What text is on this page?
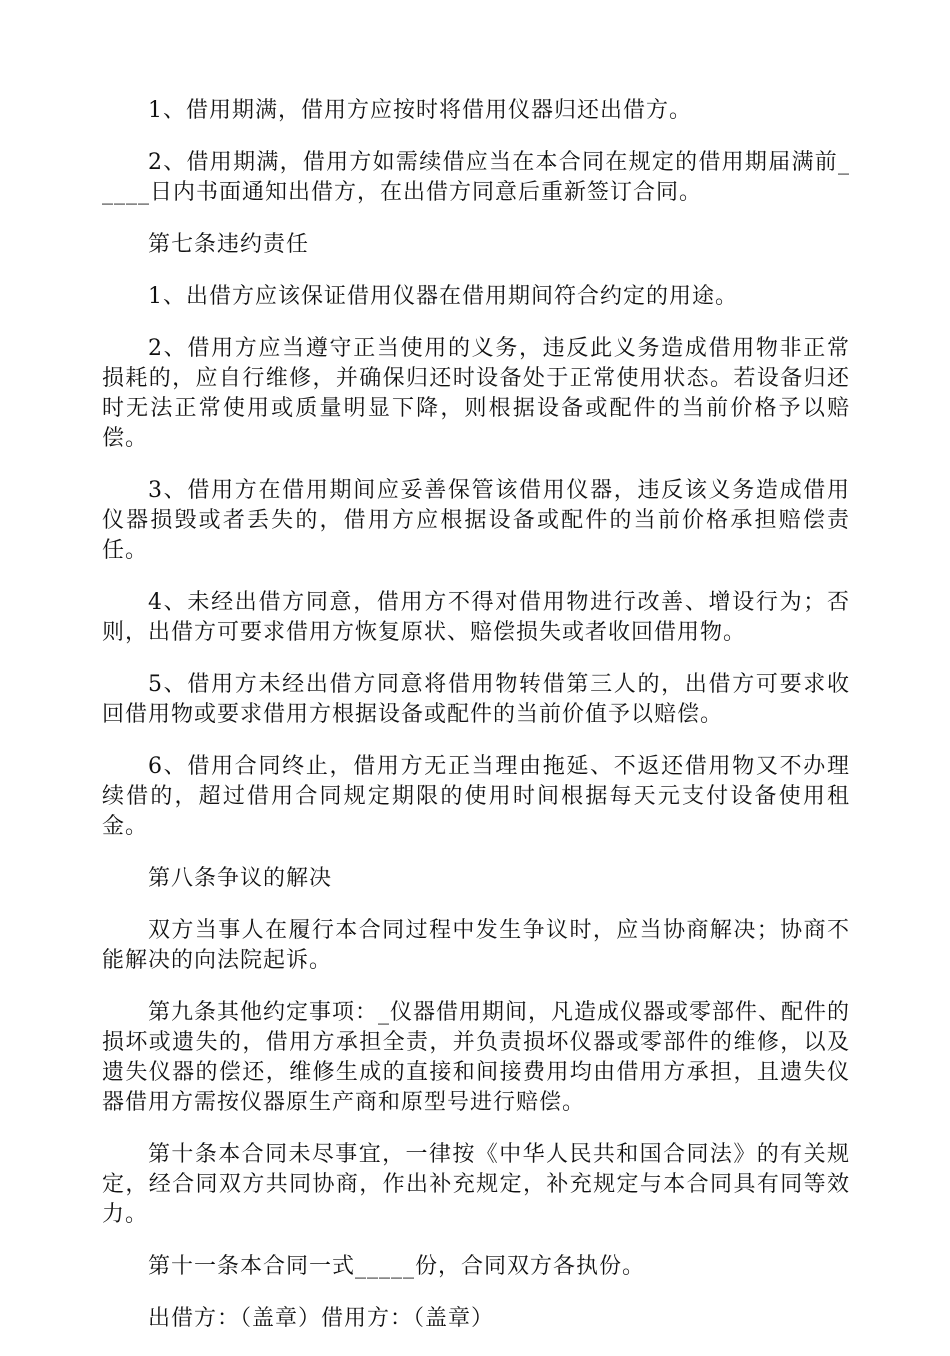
1、借用期满，借用方应按时将借用仪器归还出借方。

2、借用期满，借用方如需续借应当在本合同在规定的借用期届满前_____日内书面通知出借方，在出借方同意后重新签订合同。

第七条违约责任

1、出借方应该保证借用仪器在借用期间符合约定的用途。

2、借用方应当遵守正当使用的义务，违反此义务造成借用物非正常损耗的，应自行维修，并确保归还时设备处于正常使用状态。若设备归还时无法正常使用或质量明显下降，则根据设备或配件的当前价格予以赔偿。

3、借用方在借用期间应妥善保管该借用仪器，违反该义务造成借用仪器损毁或者丢失的，借用方应根据设备或配件的当前价格承担赔偿责任。

4、未经出借方同意，借用方不得对借用物进行改善、增设行为；否则，出借方可要求借用方恢复原状、赔偿损失或者收回借用物。

5、借用方未经出借方同意将借用物转借第三人的，出借方可要求收回借用物或要求借用方根据设备或配件的当前价值予以赔偿。

6、借用合同终止，借用方无正当理由拖延、不返还借用物又不办理续借的，超过借用合同规定期限的使用时间根据每天元支付设备使用租金。

第八条争议的解决

双方当事人在履行本合同过程中发生争议时，应当协商解决；协商不能解决的向法院起诉。

第九条其他约定事项：_仪器借用期间，凡造成仪器或零部件、配件的损坏或遗失的，借用方承担全责，并负责损坏仪器或零部件的维修，以及遗失仪器的偿还，维修生成的直接和间接费用均由借用方承担，且遗失仪器借用方需按仪器原生产商和原型号进行赔偿。

第十条本合同未尽事宜，一律按《中华人民共和国合同法》的有关规定，经合同双方共同协商，作出补充规定，补充规定与本合同具有同等效力。

第十一条本合同一式_____份，合同双方各执份。

出借方：（盖章）借用方：（盖章）
